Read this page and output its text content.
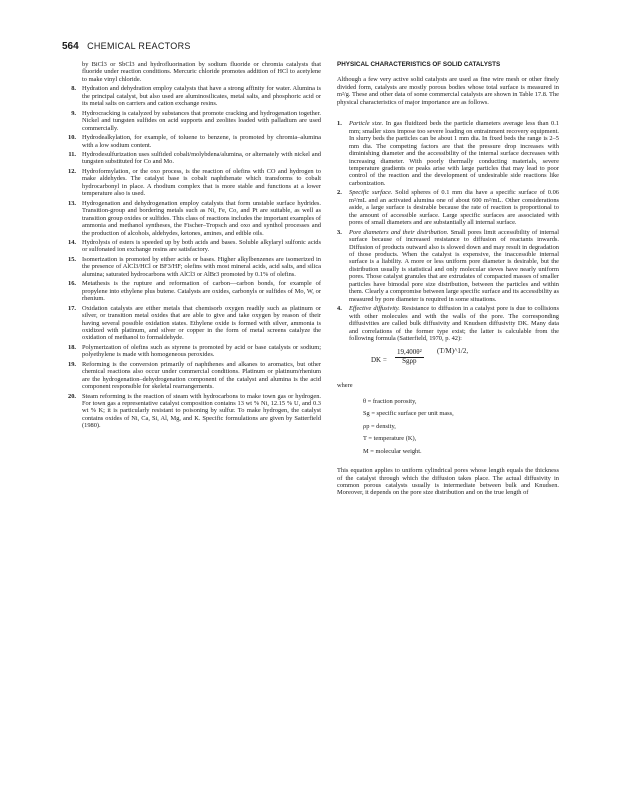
564 CHEMICAL REACTORS

by BiCl3 or SbCl3 and hydrofluorination by sodium fluoride or chromia catalysts that fluoride under reaction conditions. Mercuric chloride promotes addition of HCl to acetylene to make vinyl chloride.

8. Hydration and dehydration employ catalysts that have a strong affinity for water. Alumina is the principal catalyst, but also used are aluminosilicates, metal salts, and phosphoric acid or its metal salts on carriers and cation exchange resins.
9. Hydrocracking is catalyzed by substances that promote cracking and hydrogenation together. Nickel and tungsten sulfides on acid supports and zeolites loaded with palladium are used commercially.
10. Hydrodealkylation, for example, of toluene to benzene, is promoted by chromia–alumina with a low sodium content.
11. Hydrodesulfurization uses sulfided cobalt/molybdena/alumina, or alternately with nickel and tungsten substituted for Co and Mo.
12. Hydroformylation, or the oxo process, is the reaction of olefins with CO and hydrogen to make aldehydes. The catalyst base is cobalt naphthenate which transforms to cobalt hydrocarbonyl in place. A rhodium complex that is more stable and functions at a lower temperature also is used.
13. Hydrogenation and dehydrogenation employ catalysts that form unstable surface hydrides. Transition-group and bordering metals such as Ni, Fe, Co, and Pt are suitable, as well as transition group oxides or sulfides. This class of reactions includes the important examples of ammonia and methanol syntheses, the Fischer–Tropsch and oxo and synthol processes and the production of alcohols, aldehydes, ketones, amines, and edible oils.
14. Hydrolysis of esters is speeded up by both acids and bases. Soluble alkylaryl sulfonic acids or sulfonated ion exchange resins are satisfactory.
15. Isomerization is promoted by either acids or bases. Higher alkylbenzenes are isomerized in the presence of AlCl3/HCl or BF3/HF; olefins with most mineral acids, acid salts, and silica alumina; saturated hydrocarbons with AlCl3 or AlBr3 promoted by 0.1% of olefins.
16. Metathesis is the rupture and reformation of carbon—carbon bonds, for example of propylene into ethylene plus butene. Catalysts are oxides, carbonyls or sulfides of Mo, W, or rhenium.
17. Oxidation catalysts are either metals that chemisorb oxygen readily such as platinum or silver, or transition metal oxides that are able to give and take oxygen by reason of their having several possible oxidation states. Ethylene oxide is formed with silver, ammonia is oxidized with platinum, and silver or copper in the form of metal screens catalyze the oxidation of methanol to formaldehyde.
18. Polymerization of olefins such as styrene is promoted by acid or base catalysts or sodium; polyethylene is made with homogeneous peroxides.
19. Reforming is the conversion primarily of naphthenes and alkanes to aromatics, but other chemical reactions also occur under commercial conditions. Platinum or platinum/rhenium are the hydrogenation–dehydrogenation component of the catalyst and alumina is the acid component responsible for skeletal rearrangements.
20. Steam reforming is the reaction of steam with hydrocarbons to make town gas or hydrogen. For town gas a representative catalyst composition contains 13 wt % Ni, 12.15 % U, and 0.3 wt % K; it is particularly resistant to poisoning by sulfur. To make hydrogen, the catalyst contains oxides of Ni, Ca, Si, Al, Mg, and K. Specific formulations are given by Satterfield (1980).
PHYSICAL CHARACTERISTICS OF SOLID CATALYSTS

Although a few very active solid catalysts are used as fine wire mesh or other finely divided form, catalysts are mostly porous bodies whose total surface is measured in m²/g. These and other data of some commercial catalysts are shown in Table 17.8. The physical characteristics of major importance are as follows.

1. Particle size. In gas fluidized beds the particle diameters average less than 0.1 mm; smaller sizes impose too severe loading on entrainment recovery equipment. In slurry beds the particles can be about 1 mm dia. In fixed beds the range is 2–5 mm dia. The competing factors are that the pressure drop increases with diminishing diameter and the accessibility of the internal surface decreases with increasing diameter. With poorly thermally conducting materials, severe temperature gradients or peaks arise with large particles that may lead to poor control of the reaction and the development of undesirable side reactions like carbonization.
2. Specific surface. Solid spheres of 0.1 mm dia have a specific surface of 0.06 m²/mL and an activated alumina one of about 600 m²/mL. Other considerations aside, a large surface is desirable because the rate of reaction is proportional to the amount of accessible surface. Large specific surfaces are associated with pores of small diameters and are substantially all internal surface.
3. Pore diameters and their distribution. Small pores limit accessibility of internal surface because of increased resistance to diffusion of reactants inwards. Diffusion of products outward also is slowed down and may result in degradation of those products. When the catalyst is expensive, the inaccessible internal surface is a liability. A more or less uniform pore diameter is desirable, but the distribution usually is statistical and only molecular sieves have nearly uniform pores. Those catalyst granules that are extrudates of compacted masses of smaller particles have bimodal pore size distribution, between the particles and within them. Clearly a compromise between large specific surface and its accessibility as measured by pore diameter is required in some situations.
4. Effective diffusivity. Resistance to diffusion in a catalyst pore is due to collisions with other molecules and with the walls of the pore. The corresponding diffusivities are called bulk diffusivity and Knudsen diffusivity DK. Many data and correlations of the former type exist; the latter is calculable from the following formula (Satterfield, 1970, p. 42):
DK =
19,400θ²
Sgρp
(T/M)^1/2,
where
θ = fraction porosity,
Sg = specific surface per unit mass,
ρp = density,
T = temperature (K),
M = molecular weight.

This equation applies to uniform cylindrical pores whose length equals the thickness of the catalyst through which the diffusion takes place. The actual diffusivity in common porous catalysts usually is intermediate between bulk and Knudsen. Moreover, it depends on the pore size distribution and on the true length of
